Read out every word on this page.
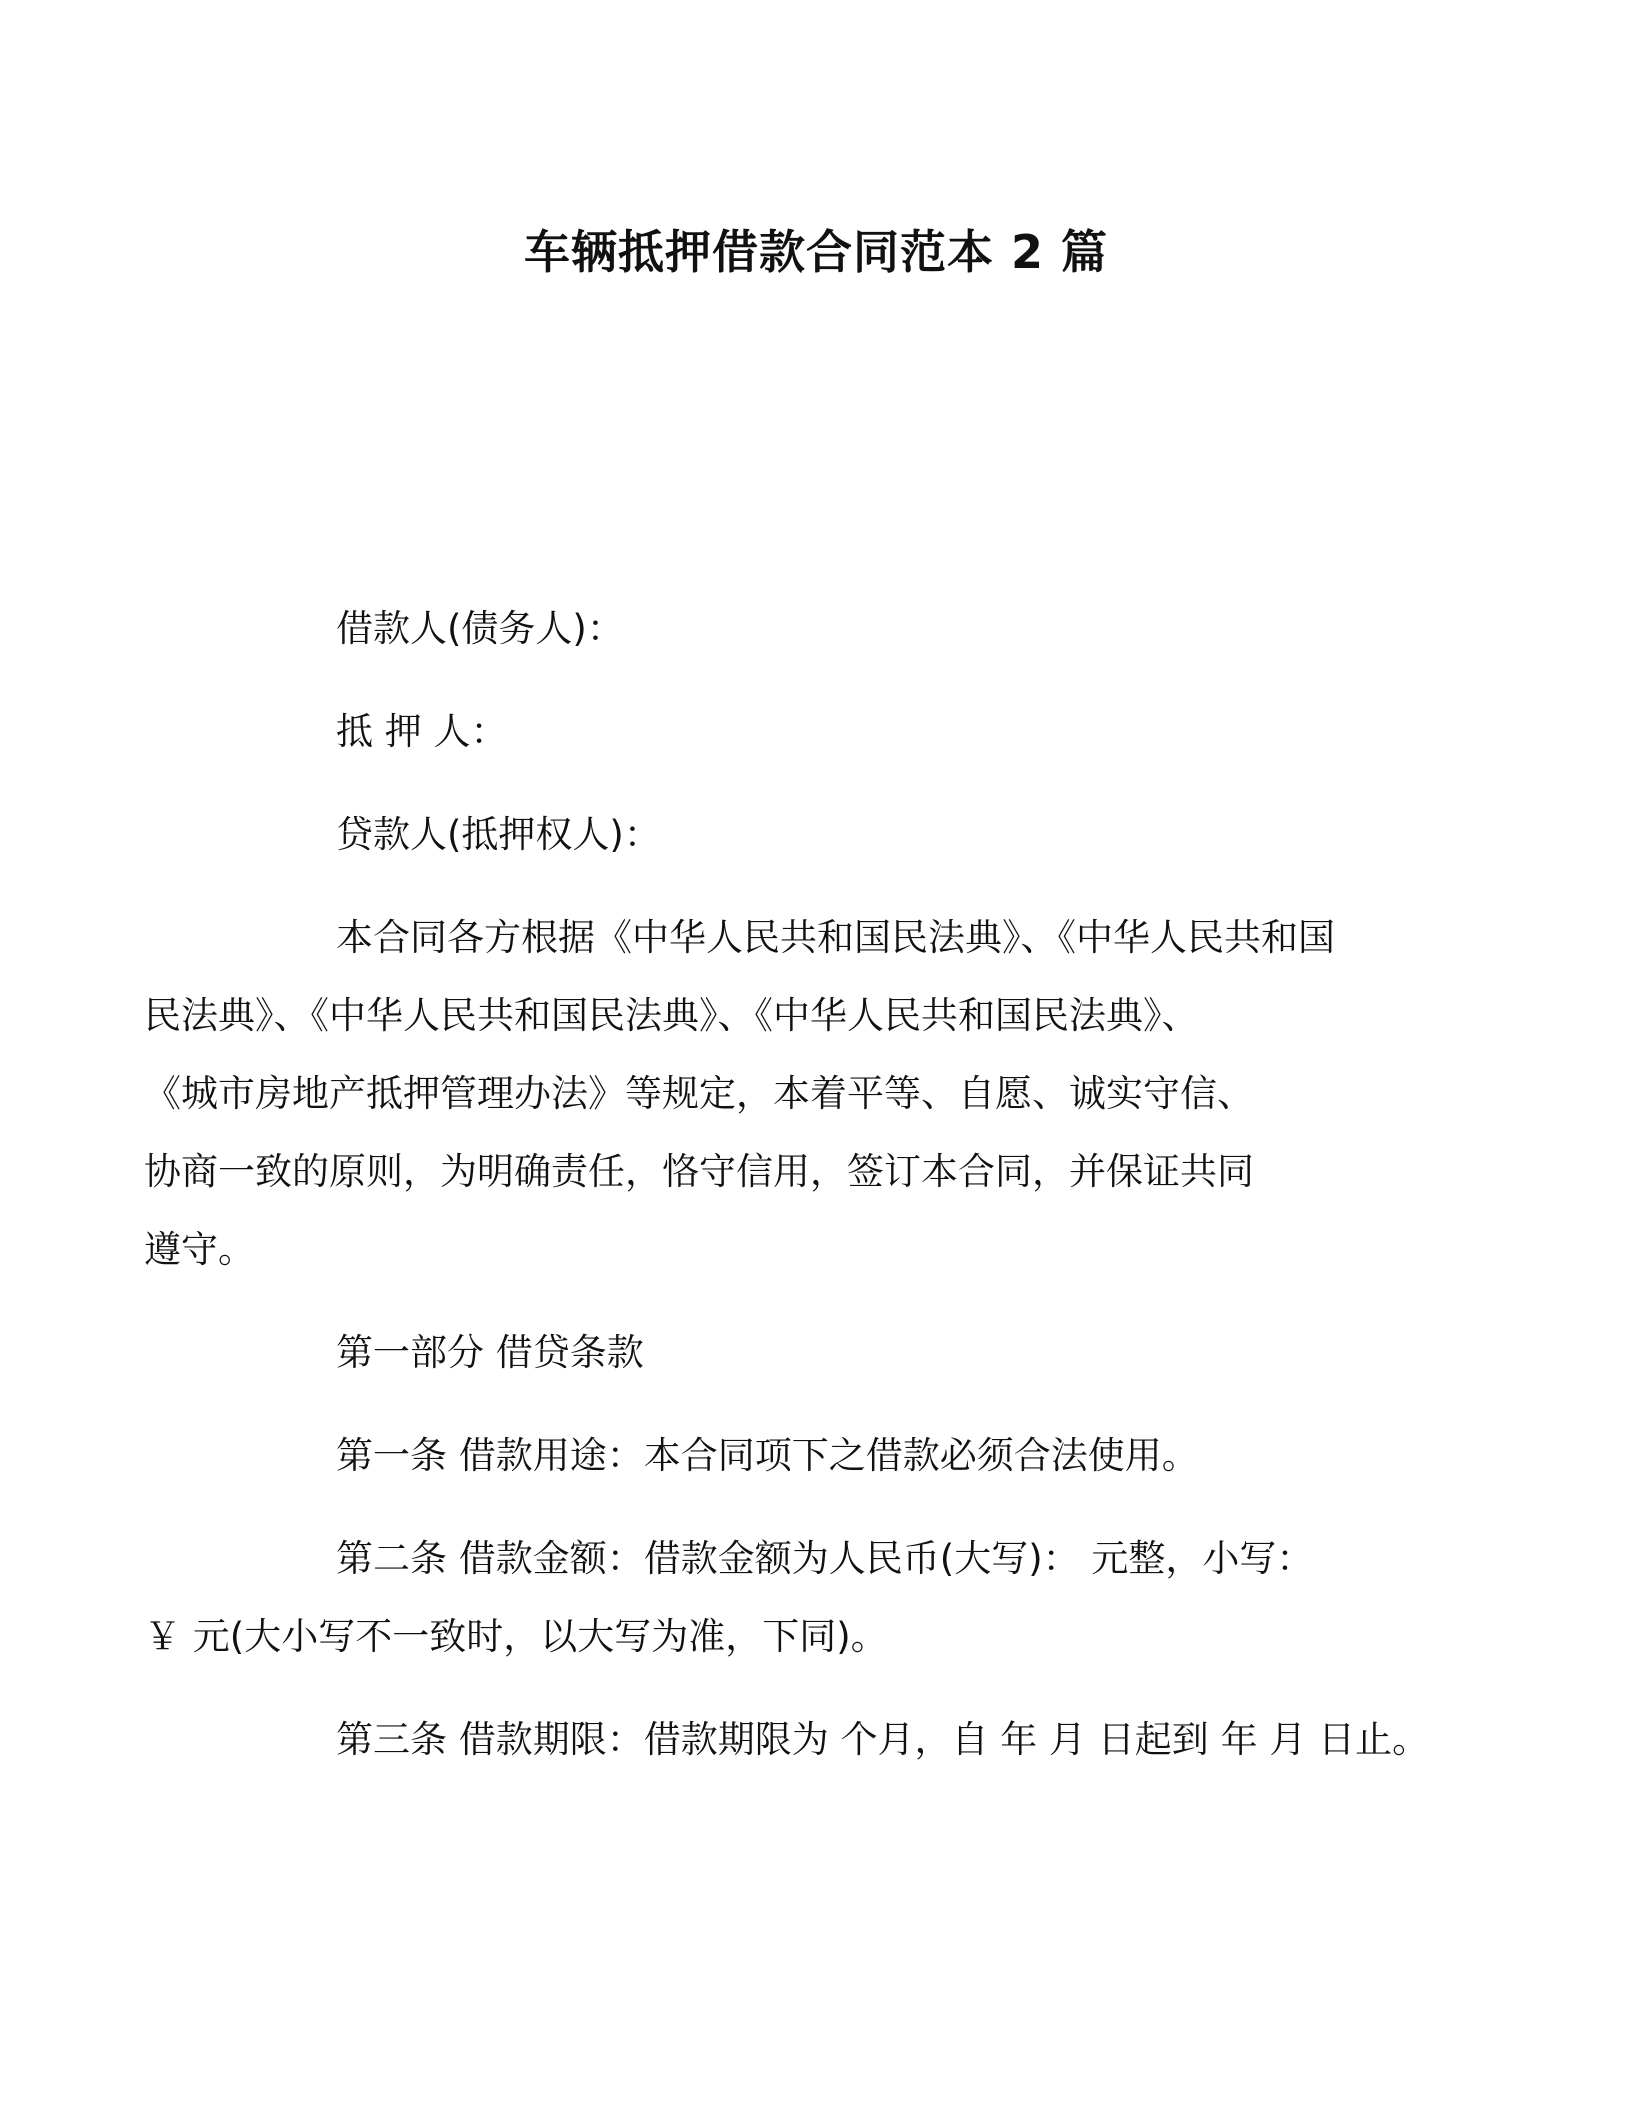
车辆抵押借款合同范本 2 篇

借款人(债务人)：

抵 押 人：

贷款人(抵押权人)：

本合同各方根据《中华人民共和国民法典》、《中华人民共和国
民法典》、《中华人民共和国民法典》、《中华人民共和国民法典》、
《城市房地产抵押管理办法》等规定，本着平等、自愿、诚实守信、
协商一致的原则，为明确责任，恪守信用，签订本合同，并保证共同
遵守。

第一部分 借贷条款

第一条 借款用途：本合同项下之借款必须合法使用。

第二条 借款金额：借款金额为人民币(大写)： 元整，小写：
￥ 元(大小写不一致时，以大写为准，下同)。

第三条 借款期限：借款期限为 个月，自 年 月 日起到 年 月 日止。
